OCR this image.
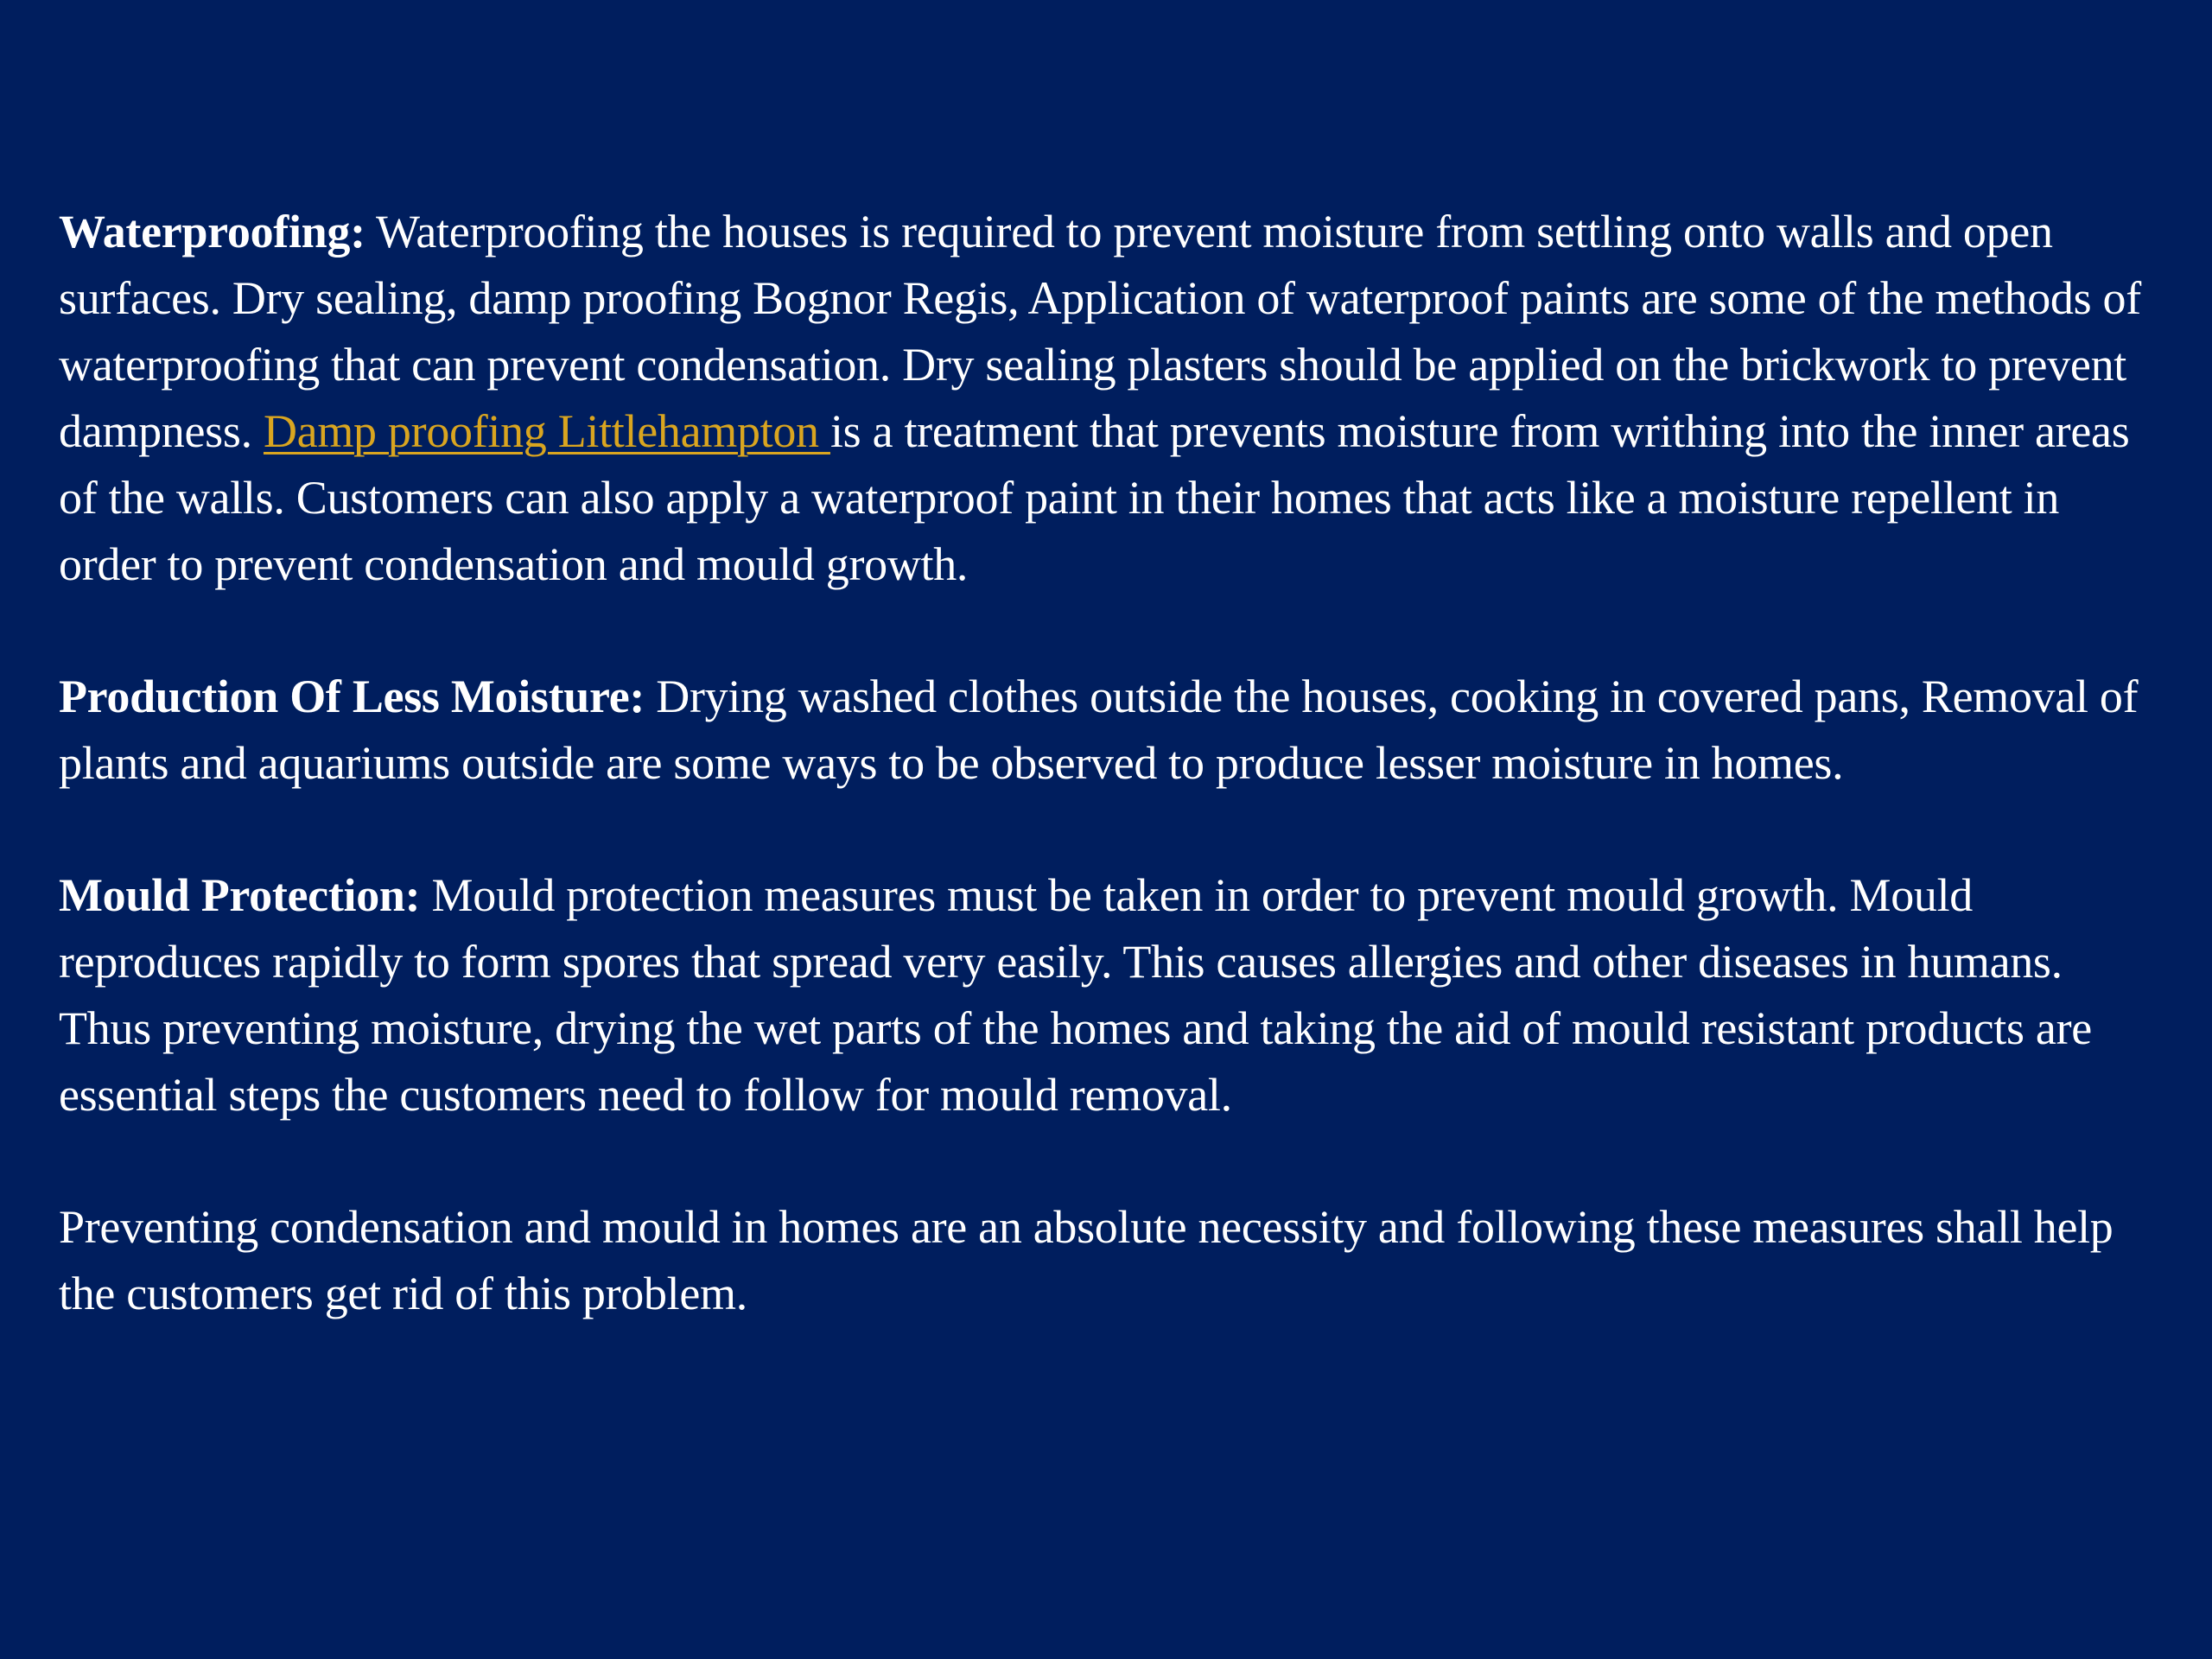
Waterproofing: Waterproofing the houses is required to prevent moisture from settling onto walls and open surfaces. Dry sealing, damp proofing Bognor Regis, Application of waterproof paints are some of the methods of waterproofing that can prevent condensation. Dry sealing plasters should be applied on the brickwork to prevent dampness. Damp proofing Littlehampton is a treatment that prevents moisture from writhing into the inner areas of the walls. Customers can also apply a waterproof paint in their homes that acts like a moisture repellent in order to prevent condensation and mould growth.

Production Of Less Moisture: Drying washed clothes outside the houses, cooking in covered pans, Removal of plants and aquariums outside are some ways to be observed to produce lesser moisture in homes.

Mould Protection: Mould protection measures must be taken in order to prevent mould growth. Mould reproduces rapidly to form spores that spread very easily. This causes allergies and other diseases in humans. Thus preventing moisture, drying the wet parts of the homes and taking the aid of mould resistant products are essential steps the customers need to follow for mould removal.

Preventing condensation and mould in homes are an absolute necessity and following these measures shall help the customers get rid of this problem.
